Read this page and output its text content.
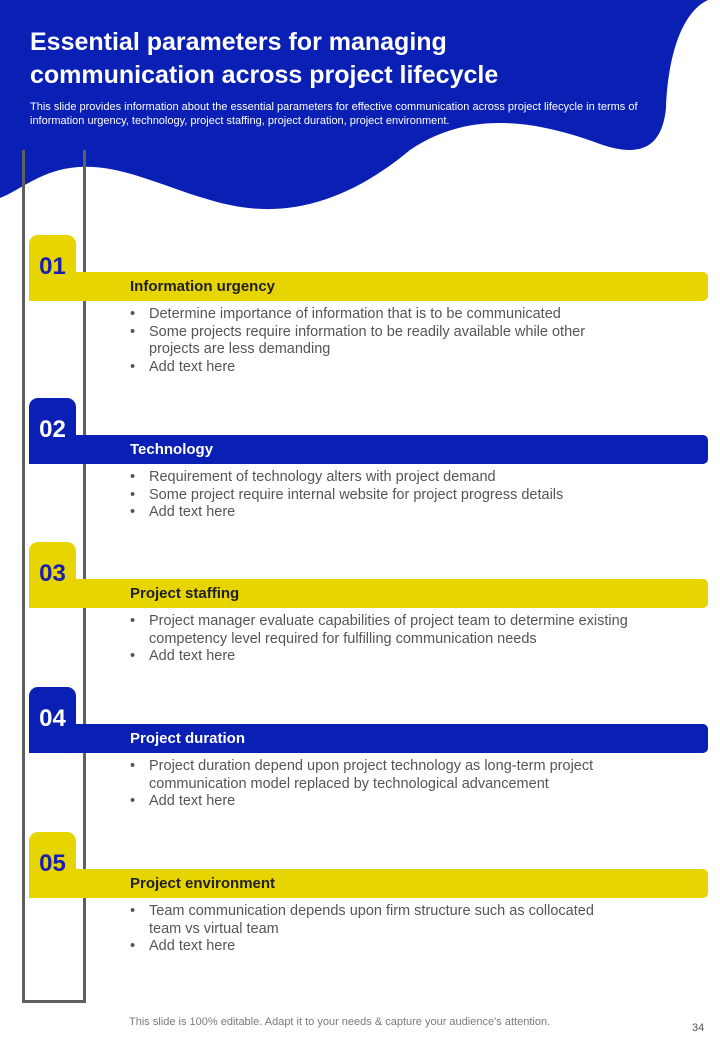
Essential parameters for managing
communication across project lifecycle

This slide provides information about the essential parameters for effective communication across project lifecycle in terms of information urgency, technology, project staffing, project duration, project environment.

Information urgency
01
• Determine importance of information that is to be communicated
• Some projects require information to be readily available while other projects are less demanding
• Add text here
Technology
02
• Requirement of technology alters with project demand
• Some project require internal website for project progress details
• Add text here
Project staffing
03
• Project manager evaluate capabilities of project team to determine existing competency level required for fulfilling communication needs
• Add text here
Project duration
04
• Project duration depend upon project technology as long-term project communication model replaced by technological advancement
• Add text here
Project environment
05
• Team communication depends upon firm structure such as collocated team vs virtual team
• Add text here

This slide is 100% editable. Adapt it to your needs & capture your audience’s attention.	34
